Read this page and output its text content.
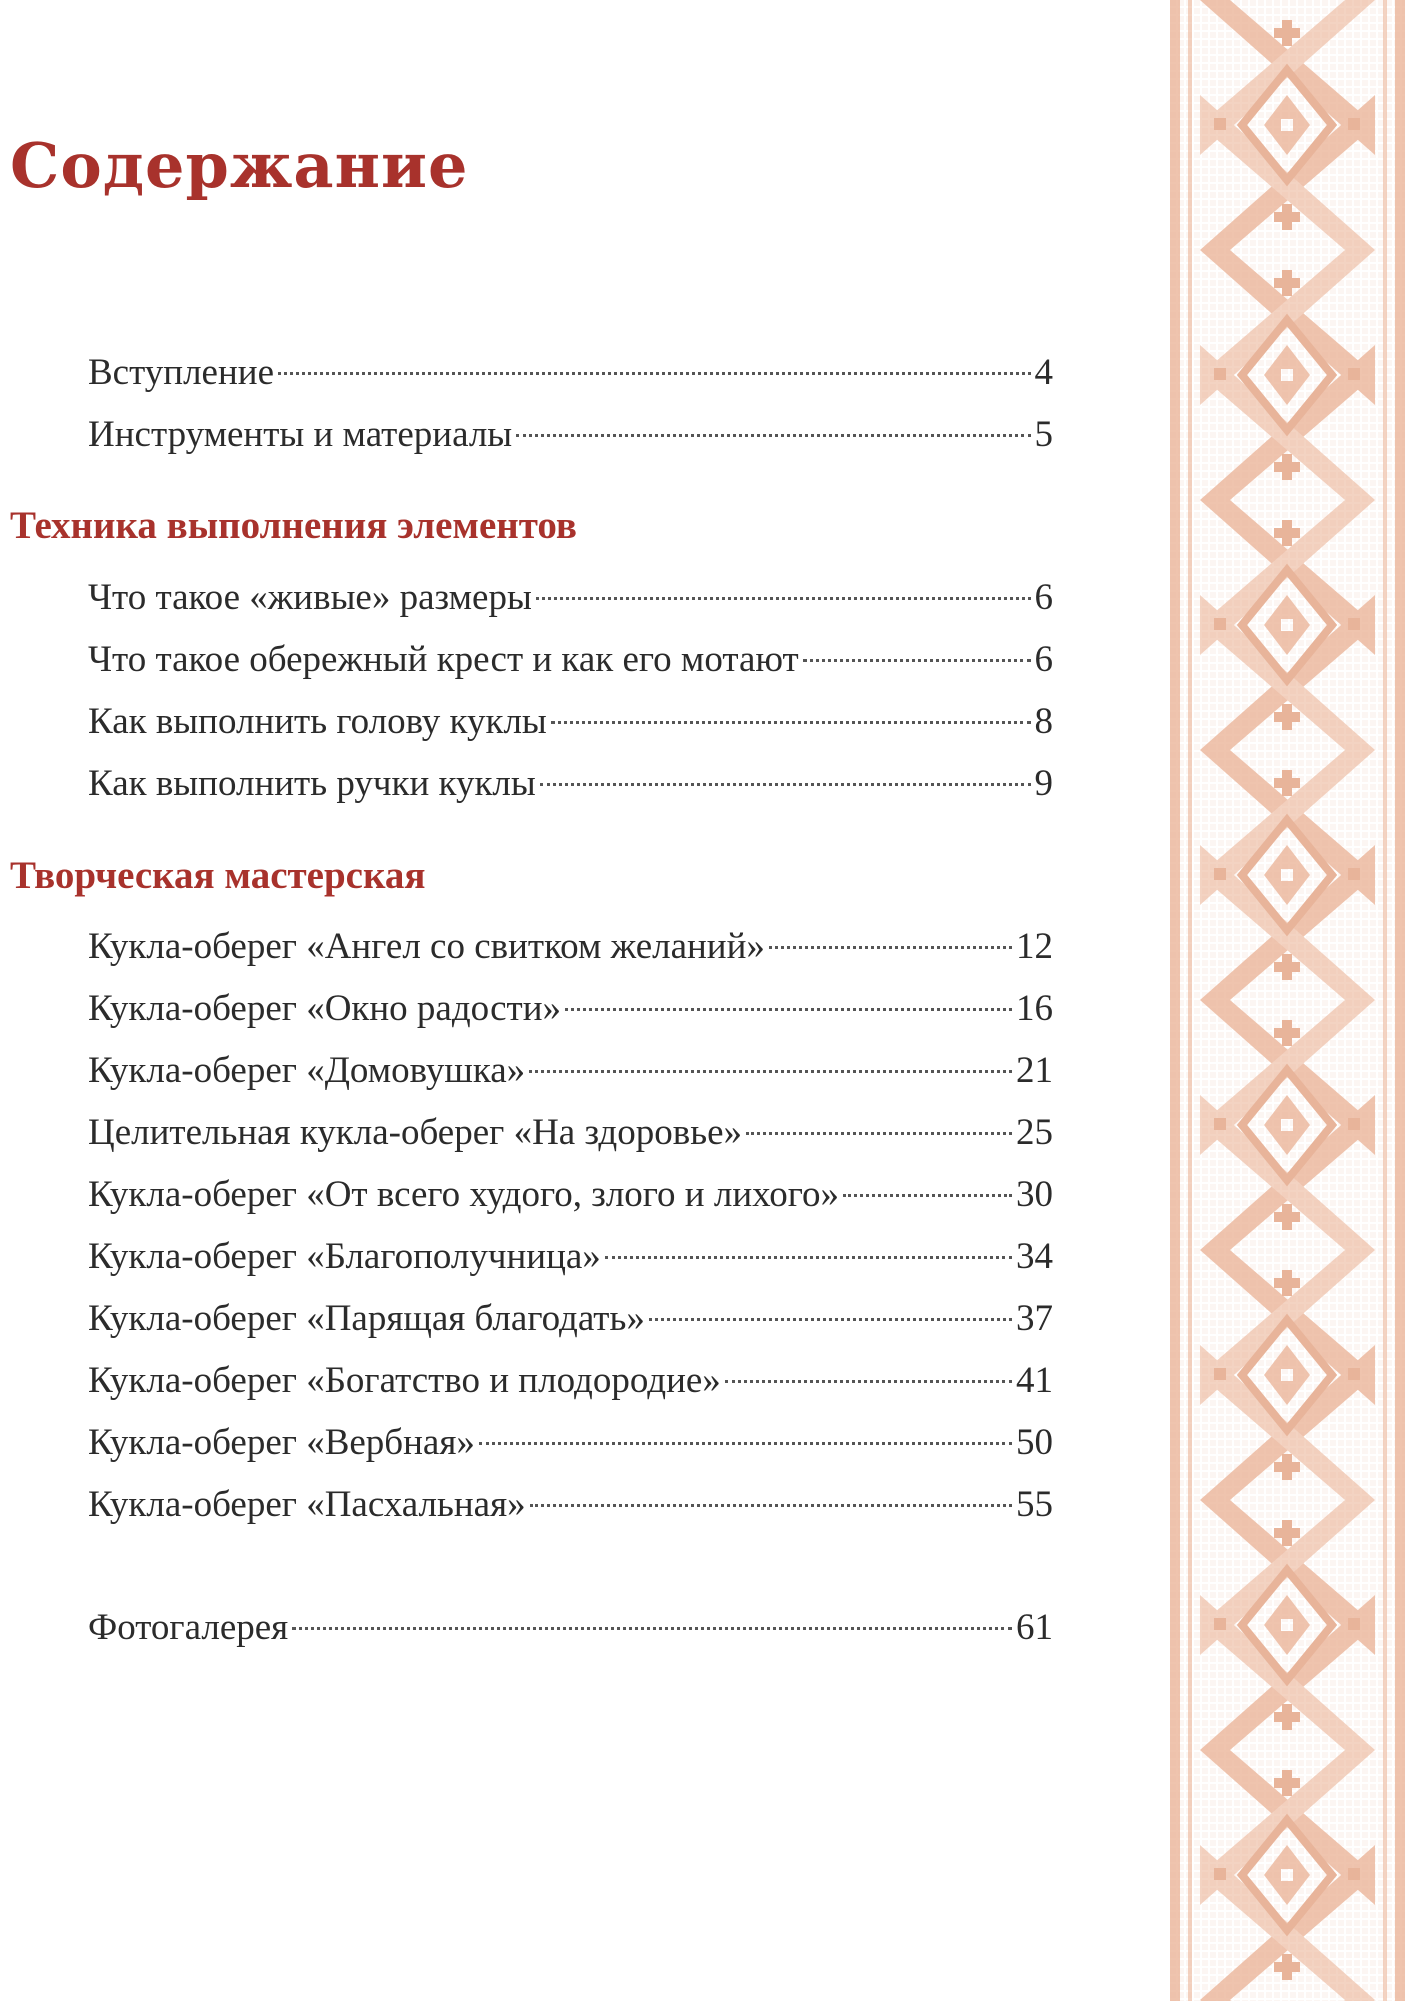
Содержание
Вступление	4
Инструменты и материалы	5
Техника выполнения элементов
Что такое «живые» размеры	6
Что такое обережный крест и как его мотают	6
Как выполнить голову куклы	8
Как выполнить ручки куклы	9
Творческая мастерская
Кукла-оберег «Ангел со свитком желаний»	12
Кукла-оберег «Окно радости»	16
Кукла-оберег «Домовушка»	21
Целительная кукла-оберег «На здоровье»	25
Кукла-оберег «От всего худого, злого и лихого»	30
Кукла-оберег «Благополучница»	34
Кукла-оберег «Парящая благодать»	37
Кукла-оберег «Богатство и плодородие»	41
Кукла-оберег «Вербная»	50
Кукла-оберег «Пасхальная»	55
Фотогалерея	61
